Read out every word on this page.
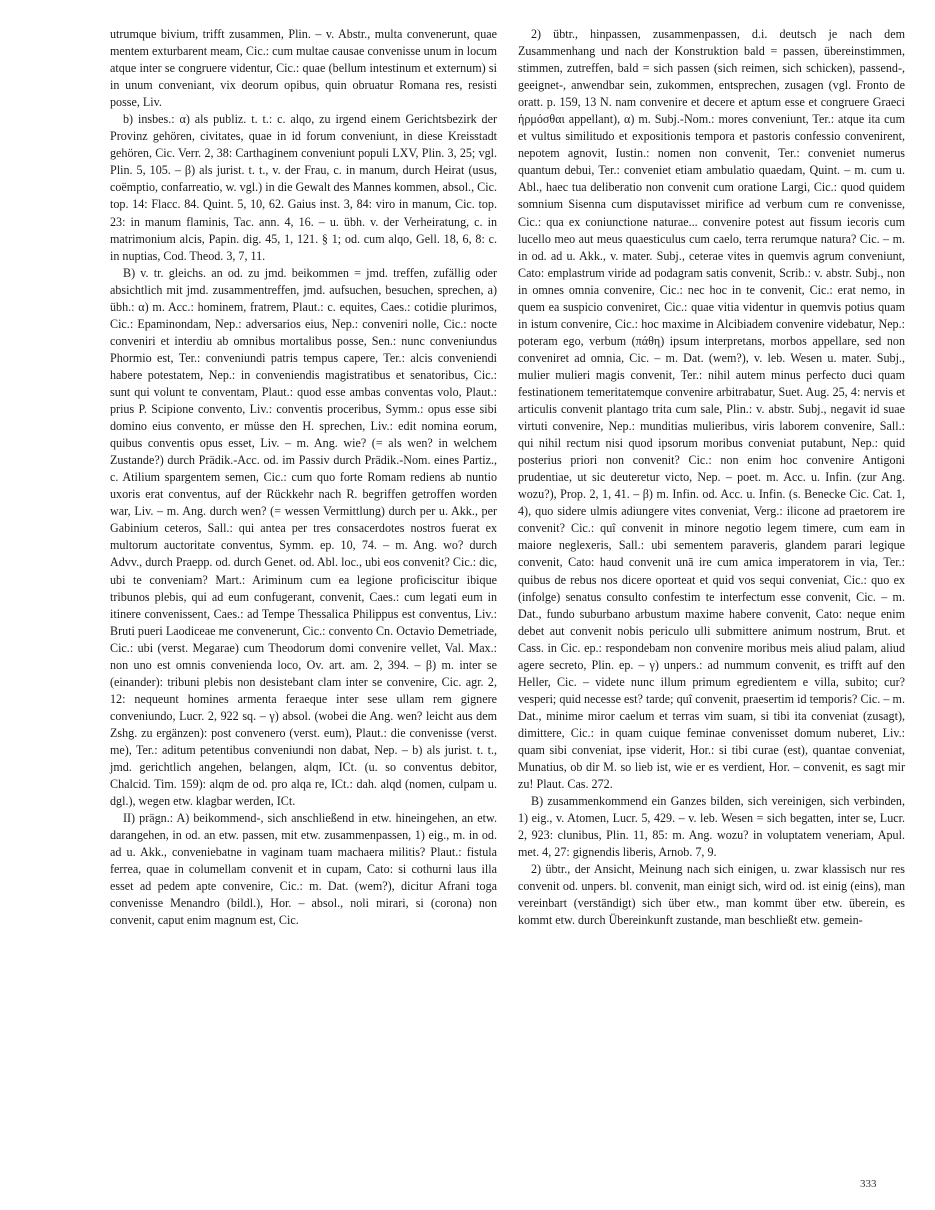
utrumque bivium, trifft zusammen, Plin. – v. Abstr., multa convenerunt, quae mentem exturbarent meam, Cic.: cum multae causae convenisse unum in locum atque inter se congruere videntur, Cic.: quae (bellum intestinum et externum) si in unum conveniant, vix deorum opibus, quin obruatur Romana res, resisti posse, Liv.

b) insbes.: α) als publiz. t. t.: c. alqo, zu irgend einem Gerichtsbezirk der Provinz gehören, civitates, quae in id forum conveniunt, in diese Kreisstadt gehören, Cic. Verr. 2, 38: Carthaginem conveniunt populi LXV, Plin. 3, 25; vgl. Plin. 5, 105. – β) als jurist. t. t., v. der Frau, c. in manum, durch Heirat (usus, coëmptio, confarreatio, w. vgl.) in die Gewalt des Mannes kommen, absol., Cic. top. 14: Flacc. 84. Quint. 5, 10, 62. Gaius inst. 3, 84: viro in manum, Cic. top. 23: in manum flaminis, Tac. ann. 4, 16. – u. übh. v. der Verheiratung, c. in matrimonium alcis, Papin. dig. 45, 1, 121. § 1; od. cum alqo, Gell. 18, 6, 8: c. in nuptias, Cod. Theod. 3, 7, 11.

B) v. tr. gleichs. an od. zu jmd. beikommen = jmd. treffen, zufällig oder absichtlich mit jmd. zusammentreffen, jmd. aufsuchen, besuchen, sprechen, a) übh.: α) m. Acc.: hominem, fratrem, Plaut.: c. equites, Caes.: cotidie plurimos, Cic.: Epaminondam, Nep.: adversarios eius, Nep.: conveniri nolle, Cic.: nocte conveniri et interdiu ab omnibus mortalibus posse, Sen.: nunc conveniundus Phormio est, Ter.: conveniundi patris tempus capere, Ter.: alcis conveniendi habere potestatem, Nep.: in conveniendis magistratibus et senatoribus, Cic.: sunt qui volunt te conventam, Plaut.: quod esse ambas conventas volo, Plaut.: prius P. Scipione convento, Liv.: conventis proceribus, Symm.: opus esse sibi domino eius convento, er müsse den H. sprechen, Liv.: edit nomina eorum, quibus conventis opus esset, Liv. – m. Ang. wie? (= als wen? in welchem Zustande?) durch Prädik.-Acc. od. im Passiv durch Prädik.-Nom. eines Partiz., c. Atilium spargentem semen, Cic.: cum quo forte Romam rediens ab nuntio uxoris erat conventus, auf der Rückkehr nach R. begriffen getroffen worden war, Liv. – m. Ang. durch wen? (= wessen Vermittlung) durch per u. Akk., per Gabinium ceteros, Sall.: qui antea per tres consacerdotes nostros fuerat ex multorum auctoritate conventus, Symm. ep. 10, 74. – m. Ang. wo? durch Advv., durch Praepp. od. durch Genet. od. Abl. loc., ubi eos convenit? Cic.: dic, ubi te conveniam? Mart.: Ariminum cum ea legione proficiscitur ibique tribunos plebis, qui ad eum confugerant, convenit, Caes.: cum legati eum in itinere convenissent, Caes.: ad Tempe Thessalica Philippus est conventus, Liv.: Bruti pueri Laodiceae me convenerunt, Cic.: convento Cn. Octavio Demetriade, Cic.: ubi (verst. Megarae) cum Theodorum domi convenire vellet, Val. Max.: non uno est omnis convenienda loco, Ov. art. am. 2, 394. – β) m. inter se (einander): tribuni plebis non desistebant clam inter se convenire, Cic. agr. 2, 12: nequeunt homines armenta feraeque inter sese ullam rem gignere conveniundo, Lucr. 2, 922 sq. – γ) absol. (wobei die Ang. wen? leicht aus dem Zshg. zu ergänzen): post convenero (verst. eum), Plaut.: die convenisse (verst. me), Ter.: aditum petentibus conveniundi non dabat, Nep. – b) als jurist. t. t., jmd. gerichtlich angehen, belangen, alqm, ICt. (u. so conventus debitor, Chalcid. Tim. 159): alqm de od. pro alqa re, ICt.: dah. alqd (nomen, culpam u. dgl.), wegen etw. klagbar werden, ICt.

II) prägn.: A) beikommend-, sich anschließend in etw. hineingehen, an etw. darangehen, in od. an etw. passen, mit etw. zusammenpassen, 1) eig., m. in od. ad u. Akk., conveniebatne in vaginam tuam machaera militis? Plaut.: fistula ferrea, quae in columellam convenit et in cupam, Cato: si cothurni laus illa esset ad pedem apte convenire, Cic.: m. Dat. (wem?), dicitur Afrani toga convenisse Menandro (bildl.), Hor. – absol., noli mirari, si (corona) non convenit, caput enim magnum est, Cic.

2) übtr., hinpassen, zusammenpassen, d.i. deutsch je nach dem Zusammenhang und nach der Konstruktion bald = passen, übereinstimmen, stimmen, zutreffen, bald = sich passen (sich reimen, sich schicken), passend-, geeignet-, anwendbar sein, zukommen, entsprechen, zusagen (vgl. Fronto de oratt. p. 159, 13 N. nam convenire et decere et aptum esse et congruere Graeci ἡρμόσθαι appellant), α) m. Subj.-Nom.: mores conveniunt, Ter.: atque ita cum et vultus similitudo et expositionis tempora et pastoris confessio convenirent, nepotem agnovit, Iustin.: nomen non convenit, Ter.: conveniet numerus quantum debui, Ter.: conveniet etiam ambulatio quaedam, Quint. – m. cum u. Abl., haec tua deliberatio non convenit cum oratione Largi, Cic.: quod quidem somnium Sisenna cum disputavisset mirifice ad verbum cum re convenisse, Cic.: qua ex coniunctione naturae... convenire potest aut fissum iecoris cum lucello meo aut meus quaesticulus cum caelo, terra rerumque natura? Cic. – m. in od. ad u. Akk., v. mater. Subj., ceterae vites in quemvis agrum conveniunt, Cato: emplastrum viride ad podagram satis convenit, Scrib.: v. abstr. Subj., non in omnes omnia convenire, Cic.: nec hoc in te convenit, Cic.: erat nemo, in quem ea suspicio conveniret, Cic.: quae vitia videntur in quemvis potius quam in istum convenire, Cic.: hoc maxime in Alcibiadem convenire videbatur, Nep.: poteram ego, verbum (πάθη) ipsum interpretans, morbos appellare, sed non conveniret ad omnia, Cic. – m. Dat. (wem?), v. leb. Wesen u. mater. Subj., mulier mulieri magis convenit, Ter.: nihil autem minus perfecto duci quam festinationem temeritatemque convenire arbitrabatur, Suet. Aug. 25, 4: nervis et articulis convenit plantago trita cum sale, Plin.: v. abstr. Subj., negavit id suae virtuti convenire, Nep.: munditias mulieribus, viris laborem convenire, Sall.: qui nihil rectum nisi quod ipsorum moribus conveniat putabunt, Nep.: quid posterius priori non convenit? Cic.: non enim hoc convenire Antigoni prudentiae, ut sic deuteretur victo, Nep. – poet. m. Acc. u. Infin. (zur Ang. wozu?), Prop. 2, 1, 41. – β) m. Infin. od. Acc. u. Infin. (s. Benecke Cic. Cat. 1, 4), quo sidere ulmis adiungere vites conveniat, Verg.: ilicone ad praetorem ire convenit? Cic.: quî convenit in minore negotio legem timere, cum eam in maiore neglexeris, Sall.: ubi sementem paraveris, glandem parari legique convenit, Cato: haud convenit unā ire cum amica imperatorem in via, Ter.: quibus de rebus nos dicere oporteat et quid vos sequi conveniat, Cic.: quo ex (infolge) senatus consulto confestim te interfectum esse convenit, Cic. – m. Dat., fundo suburbano arbustum maxime habere convenit, Cato: neque enim debet aut convenit nobis periculo ulli submittere animum nostrum, Brut. et Cass. in Cic. ep.: respondebam non convenire moribus meis aliud palam, aliud agere secreto, Plin. ep. – γ) unpers.: ad nummum convenit, es trifft auf den Heller, Cic. – videte nunc illum primum egredientem e villa, subito; cur? vesperi; quid necesse est? tarde; quî convenit, praesertim id temporis? Cic. – m. Dat., minime miror caelum et terras vim suam, si tibi ita conveniat (zusagt), dimittere, Cic.: in quam cuique feminae convenisset domum nuberet, Liv.: quam sibi conveniat, ipse viderit, Hor.: si tibi curae (est), quantae conveniat, Munatius, ob dir M. so lieb ist, wie er es verdient, Hor. – convenit, es sagt mir zu! Plaut. Cas. 272.

B) zusammenkommend ein Ganzes bilden, sich vereinigen, sich verbinden, 1) eig., v. Atomen, Lucr. 5, 429. – v. leb. Wesen = sich begatten, inter se, Lucr. 2, 923: clunibus, Plin. 11, 85: m. Ang. wozu? in voluptatem veneriam, Apul. met. 4, 27: gignendis liberis, Arnob. 7, 9.

2) übtr., der Ansicht, Meinung nach sich einigen, u. zwar klassisch nur res convenit od. unpers. bl. convenit, man einigt sich, wird od. ist einig (eins), man vereinbart (verständigt) sich über etw., man kommt über etw. überein, es kommt etw. durch Übereinkunft zustande, man beschließt etw. gemein-

333
